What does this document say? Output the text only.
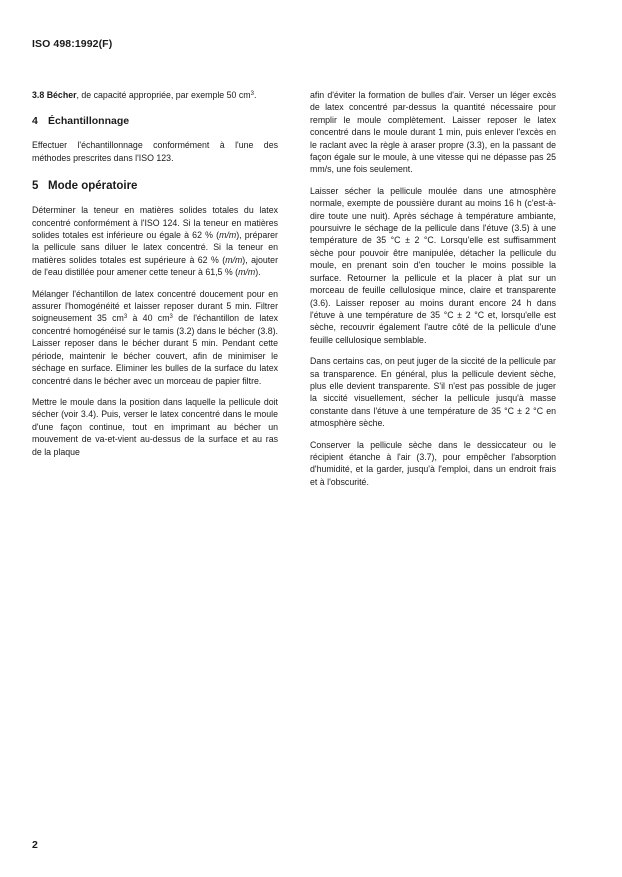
ISO 498:1992(F)

3.8 Bécher, de capacité appropriée, par exemple 50 $cm^3$.

4 Échantillonnage

Effectuer l'échantillonnage conformément à l'une des méthodes prescrites dans l'ISO 123.

5 Mode opératoire

Déterminer la teneur en matières solides totales du latex concentré conformément à l'ISO 124. Si la teneur en matières solides totales est inférieure ou égale à 62 % (m/m), préparer la pellicule sans diluer le latex concentré. Si la teneur en matières solides totales est supérieure à 62 % (m/m), ajouter de l'eau distillée pour amener cette teneur à 61,5 % (m/m).

Mélanger l'échantillon de latex concentré doucement pour en assurer l'homogénéité et laisser reposer durant 5 min. Filtrer soigneusement 35 $cm^3$ à 40 $cm^3$ de l'échantillon de latex concentré homogénéisé sur le tamis (3.2) dans le bécher (3.8). Laisser reposer dans le bécher durant 5 min. Pendant cette période, maintenir le bécher couvert, afin de minimiser le séchage en surface. Eliminer les bulles de la surface du latex concentré dans le bécher avec un morceau de papier filtre.

Mettre le moule dans la position dans laquelle la pellicule doit sécher (voir 3.4). Puis, verser le latex concentré dans le moule d'une façon continue, tout en imprimant au bécher un mouvement de va-et-vient au-dessus de la surface et au ras de la plaque

afin d'éviter la formation de bulles d'air. Verser un léger excès de latex concentré par-dessus la quantité nécessaire pour remplir le moule complètement. Laisser reposer le latex concentré dans le moule durant 1 min, puis enlever l'excès en le raclant avec la règle à araser propre (3.3), en la passant de façon égale sur le moule, à une vitesse qui ne dépasse pas 25 mm/s, une fois seulement.

Laisser sécher la pellicule moulée dans une atmosphère normale, exempte de poussière durant au moins 16 h (c'est-à-dire toute une nuit). Après séchage à température ambiante, poursuivre le séchage de la pellicule dans l'étuve (3.5) à une température de 35 °C ± 2 °C. Lorsqu'elle est suffisamment sèche pour pouvoir être manipulée, détacher la pellicule du moule, en prenant soin d'en toucher le moins possible la surface. Retourner la pellicule et la placer à plat sur un morceau de feuille cellulosique mince, claire et transparente (3.6). Laisser reposer au moins durant encore 24 h dans l'étuve à une température de 35 °C ± 2 °C et, lorsqu'elle est sèche, recouvrir également l'autre côté de la pellicule d'une feuille cellulosique semblable.

Dans certains cas, on peut juger de la siccité de la pellicule par sa transparence. En général, plus la pellicule devient sèche, plus elle devient transparente. S'il n'est pas possible de juger la siccité visuellement, sécher la pellicule jusqu'à masse constante dans l'étuve à une température de 35 °C ± 2 °C en atmosphère sèche.

Conserver la pellicule sèche dans le dessiccateur ou le récipient étanche à l'air (3.7), pour empêcher l'absorption d'humidité, et la garder, jusqu'à l'emploi, dans un endroit frais et à l'obscurité.

2
